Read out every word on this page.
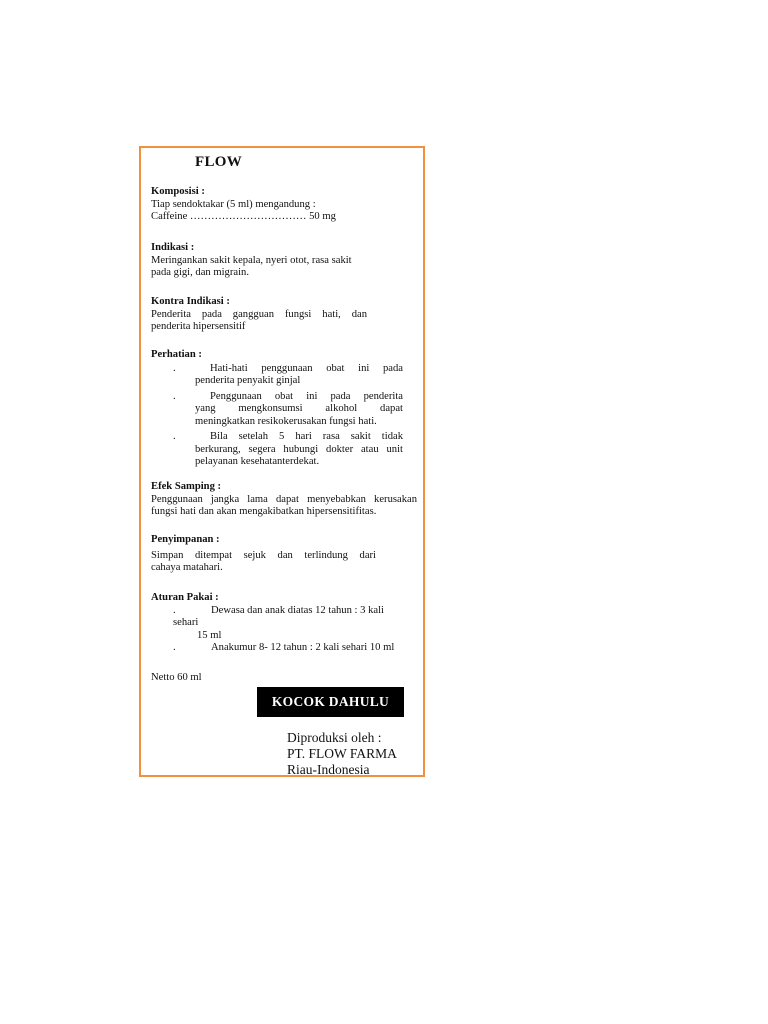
FLOW
Komposisi :
Tiap sendoktakar (5 ml) mengandung :
Caffeine …………………………… 50 mg
Indikasi :
Meringankan sakit kepala, nyeri otot, rasa sakit
pada gigi, dan migrain.
Kontra Indikasi :
Penderita pada gangguan fungsi hati, dan
penderita hipersensitif
Perhatian :
.	Hati-hati penggunaan obat ini pada
penderita penyakit ginjal
.	Penggunaan obat ini pada penderita
yang mengkonsumsi alkohol dapat
meningkatkan resikokerusakan fungsi hati.
.	Bila setelah 5 hari rasa sakit tidak
berkurang, segera hubungi dokter atau unit
pelayanan kesehatanterdekat.
Efek Samping :
Penggunaan jangka lama dapat menyebabkan kerusakan
fungsi hati dan akan mengakibatkan hipersensitifitas.
Penyimpanan :
Simpan ditempat sejuk dan terlindung dari
cahaya matahari.
Aturan Pakai :
.	Dewasa dan anak diatas 12 tahun : 3 kali
sehari
15 ml
.	Anakumur 8- 12 tahun : 2 kali sehari 10 ml
Netto 60 ml
KOCOK DAHULU
Diproduksi oleh :
PT. FLOW FARMA
Riau-Indonesia
